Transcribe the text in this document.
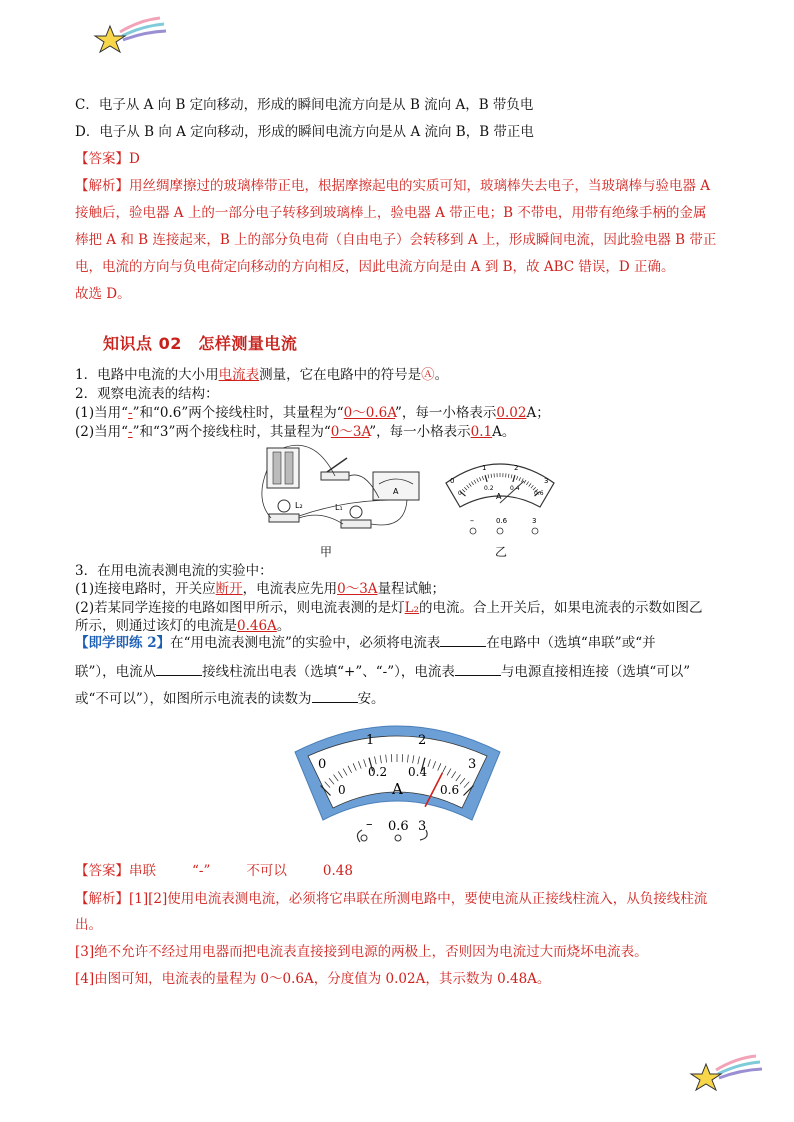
C．电子从 A 向 B 定向移动，形成的瞬间电流方向是从 B 流向 A，B 带负电
D．电子从 B 向 A 定向移动，形成的瞬间电流方向是从 A 流向 B，B 带正电
【答案】D
【解析】用丝绸摩擦过的玻璃棒带正电，根据摩擦起电的实质可知，玻璃棒失去电子，当玻璃棒与验电器 A
接触后，验电器 A 上的一部分电子转移到玻璃棒上，验电器 A 带正电；B 不带电，用带有绝缘手柄的金属
棒把 A 和 B 连接起来，B 上的部分负电荷（自由电子）会转移到 A 上，形成瞬间电流，因此验电器 B 带正
电，电流的方向与负电荷定向移动的方向相反，因此电流方向是由 A 到 B，故 ABC 错误，D 正确。
故选 D。
知识点 02　怎样测量电流
1．电路中电流的大小用电流表测量，它在电路中的符号是Ⓐ。
2．观察电流表的结构：
(1)当用“-”和“0.6”两个接线柱时，其量程为“0～0.6A”，每一小格表示0.02A；
(2)当用“-”和“3”两个接线柱时，其量程为“0～3A”，每一小格表示0.1A。
A
L₂	L₁
甲
0
1	2
3
0
0.2	0.4
0.6
A
–	0.6	3
乙
3．在用电流表测电流的实验中：
(1)连接电路时，开关应断开，电流表应先用0～3A量程试触；
(2)若某同学连接的电路如图甲所示，则电流表测的是灯L₂的电流。合上开关后，如果电流表的示数如图乙
所示，则通过该灯的电流是0.46A。
【即学即练 2】在“用电流表测电流”的实验中，必须将电流表	在电路中（选填“串联”或“并
联”），电流从	接线柱流出电表（选填“+”、“-”），电流表	与电源直接相连接（选填“可以”
或“不可以”），如图所示电流表的读数为	安。
0
1	2
3
0
0.2 0.4
0.6
A
– 0.6 3
【答案】串联	“-”	不可以	0.48
【解析】[1][2]使用电流表测电流，必须将它串联在所测电路中，要使电流从正接线柱流入，从负接线柱流
出。
[3]绝不允许不经过用电器而把电流表直接接到电源的两极上，否则因为电流过大而烧坏电流表。
[4]由图可知，电流表的量程为 0～0.6A，分度值为 0.02A，其示数为 0.48A。
